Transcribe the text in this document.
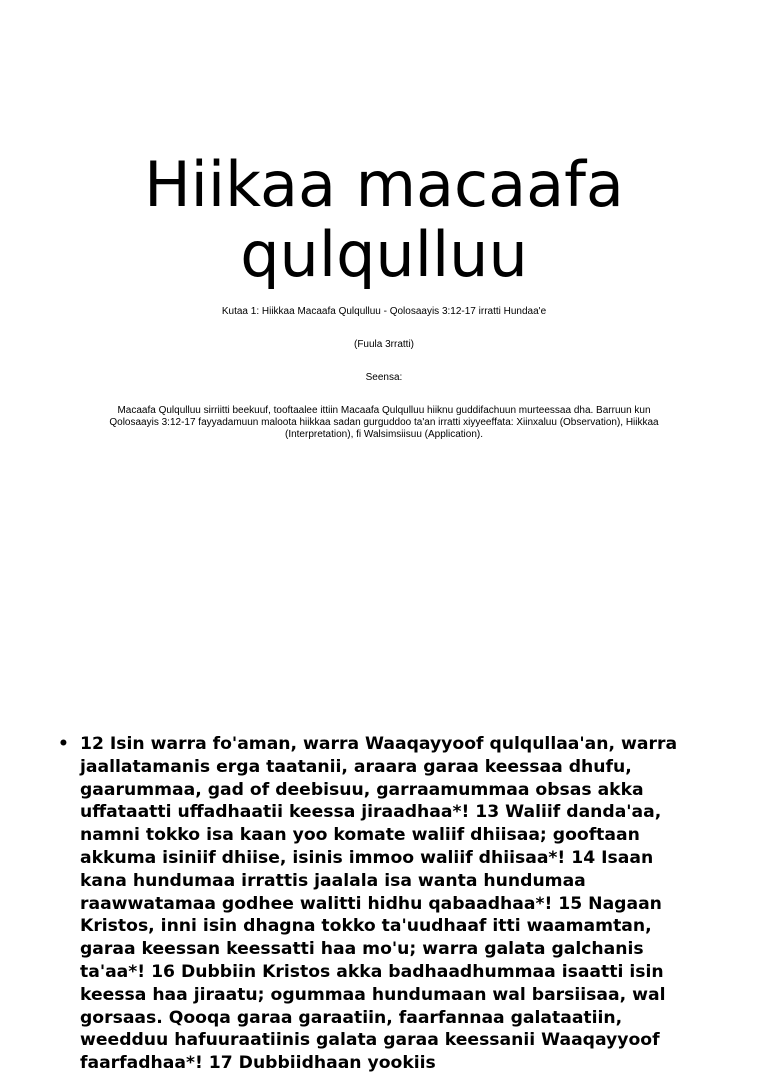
Hiikaa macaafa
qulqulluu

Kutaa 1: Hiikkaa Macaafa Qulqulluu - Qolosaayis 3:12-17 irratti Hundaa'e

(Fuula 3rratti)

Seensa:

Macaafa Qulqulluu sirriitti beekuuf, tooftaalee ittiin Macaafa Qulqulluu hiiknu guddifachuun murteessaa dha. Barruun kun Qolosaayis 3:12-17 fayyadamuun maloota hiikkaa sadan gurguddoo ta'an irratti xiyyeeffata: Xiinxaluu (Observation), Hiikkaa (Interpretation), fi Walsimsiisuu (Application).

• 12 Isin warra fo'aman, warra Waaqayyoof qulqullaa'an, warra jaallatamanis erga taatanii, araara garaa keessaa dhufu, gaarummaa, gad of deebisuu, garraamummaa obsas akka uffataatti uffadhaatii keessa jiraadhaa*! 13 Waliif danda'aa, namni tokko isa kaan yoo komate waliif dhiisaa; gooftaan akkuma isiniif dhiise, isinis immoo waliif dhiisaa*! 14 Isaan kana hundumaa irrattis jaalala isa wanta hundumaa raawwatamaa godhee walitti hidhu qabaadhaa*! 15 Nagaan Kristos, inni isin dhagna tokko ta'uudhaaf itti waamamtan, garaa keessan keessatti haa mo'u; warra galata galchanis ta'aa*! 16 Dubbiin Kristos akka badhaadhummaa isaatti isin keessa haa jiraatu; ogummaa hundumaan wal barsiisaa, wal gorsaas. Qooqa garaa garaatiin, faarfannaa galataatiin, weedduu hafuuraatiinis galata garaa keessanii Waaqayyoof faarfadhaa*! 17 Dubbiidhaan yookiis
